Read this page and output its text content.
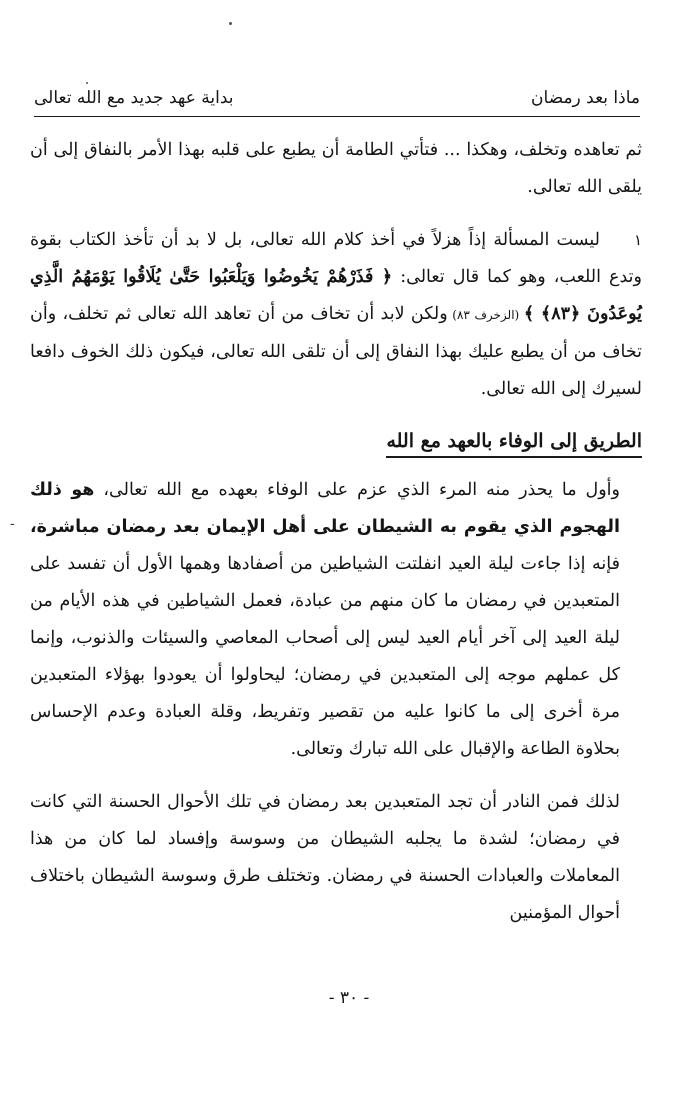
ماذا بعد رمضان
بداية عهد جديد مع الله تعالى
-

ثم تعاهده وتخلف، وهكذا ... فتأتي الطامة أن يطبع على قلبه بهذا الأمر بالنفاق إلى أن يلقى الله تعالى.

١ليست المسألة إذاً هزلاً في أخذ كلام الله تعالى، بل لا بد أن تأخذ الكتاب بقوة وتدع اللعب، وهو كما قال تعالى: ﴿ فَذَرْهُمْ يَخُوضُوا وَيَلْعَبُوا حَتَّىٰ يُلَاقُوا يَوْمَهُمُ الَّذِي يُوعَدُونَ ﴿٨٣﴾ ﴾ (الزخرف ٨٣) ولكن لابد أن تخاف من أن تعاهد الله تعالى ثم تخلف، وأن تخاف من أن يطبع عليك بهذا النفاق إلى أن تلقى الله تعالى، فيكون ذلك الخوف دافعا لسيرك إلى الله تعالى.

الطريق إلى الوفاء بالعهد مع الله

وأول ما يحذر منه المرء الذي عزم على الوفاء بعهده مع الله تعالى، هو ذلك الهجوم الذي يقوم به الشيطان على أهل الإيمان بعد رمضان مباشرة، فإنه إذا جاءت ليلة العيد انفلتت الشياطين من أصفادها وهمها الأول أن تفسد على المتعبدين في رمضان ما كان منهم من عبادة، فعمل الشياطين في هذه الأيام من ليلة العيد إلى آخر أيام العيد ليس إلى أصحاب المعاصي والسيئات والذنوب، وإنما كل عملهم موجه إلى المتعبدين في رمضان؛ ليحاولوا أن يعودوا بهؤلاء المتعبدين مرة أخرى إلى ما كانوا عليه من تقصير وتفريط، وقلة العبادة وعدم الإحساس بحلاوة الطاعة والإقبال على الله تبارك وتعالى.

لذلك فمن النادر أن تجد المتعبدين بعد رمضان في تلك الأحوال الحسنة التي كانت في رمضان؛ لشدة ما يجلبه الشيطان من وسوسة وإفساد لما كان من هذا المعاملات والعبادات الحسنة في رمضان. وتختلف طرق وسوسة الشيطان باختلاف أحوال المؤمنين

- ٣٠ -
